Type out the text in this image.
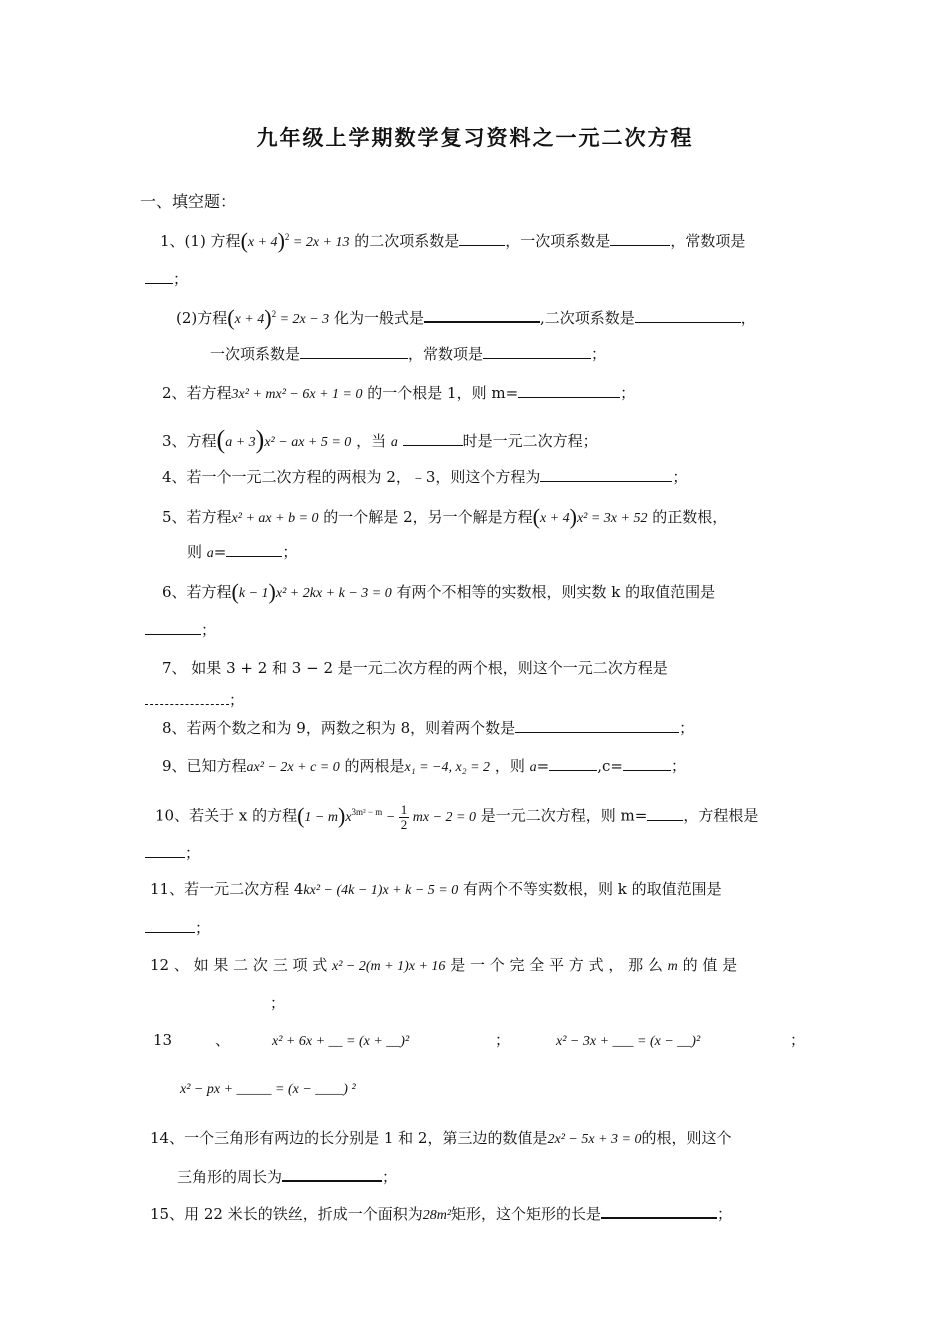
九年级上学期数学复习资料之一元二次方程
一、填空题：
1、(1) 方程$(x + 4)^2 = 2x + 13$ 的二次项系数是	，一次项系数是	，常数项是
；
(2)方程$(x + 4)^2 = 2x - 3$ 化为一般式是	,二次项系数是	，
一次项系数是	，常数项是	；
2、若方程3x² + mx² − 6x + 1 = 0 的一个根是 1，则 m=	；
3、方程(a + 3)x² − ax + 5 = 0 ，当 a	时是一元二次方程；
4、若一个一元二次方程的两根为 2，﹣3，则这个方程为	；
5、若方程x² + ax + b = 0 的一个解是 2，另一个解是方程(x + 4)x² = 3x + 52 的正数根，
则 a=	；
6、若方程(k − 1)x² + 2kx + k − 3 = 0 有两个不相等的实数根，则实数 k 的取值范围是
；
7、 如果 3 + 2 和 3 − 2 是一元二次方程的两个根，则这个一元二次方程是
；
8、若两个数之和为 9，两数之积为 8，则着两个数是	；
9、已知方程ax² − 2x + c = 0 的两根是x₁ = −4, x₂ = 2 ，则 a=	,c=	；
10、若关于 x 的方程$(1 - m)x^{3m^2 - m} - \frac{1}{2}$ mx − 2 = 0 是一元二次方程，则 m= ，方程根是
；
11、若一元二次方程 4kx² − (4k − 1)x + k − 5 = 0 有两个不等实数根，则 k 的取值范围是
；
12 、 如 果 二 次 三 项 式 x² − 2(m + 1)x + 16 是 一 个 完 全 平 方 式 ， 那 么 m 的 值 是
；
13	、	x² + 6x + __ = (x + __)²	；	x² − 3x + ___ = (x − __)²	；
x² − px + _____ = (x − ____) ²
14、一个三角形有两边的长分别是 1 和 2，第三边的数值是2x² − 5x + 3 = 0的根，则这个
三角形的周长为	；
15、用 22 米长的铁丝，折成一个面积为28m²矩形，这个矩形的长是	；
